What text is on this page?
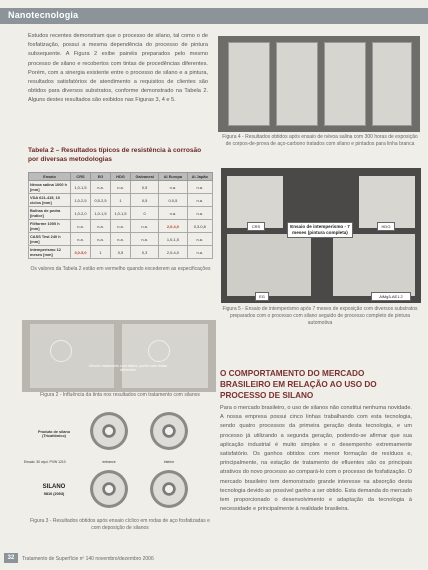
Nanotecnologia

Estudos recentes demonstram que o processo de silano, tal como o de fosfatização, possui a mesma dependência do processo de pintura subsequente. A Figura 2 exibe painéis preparados pelo mesmo processo de silano e recobertos com tintas de procedências diferentes. Porém, com a sinergia existente entre o processo de silano e a pintura, resultados satisfatórios de atendimento a requisitos de clientes são obtidos para diversos substratos, conforme demonstrado na Tabela 2. Alguns destes resultados são exibidos nas Figuras 3, 4 e 5.

Tabela 2 – Resultados típicos de resistência à corrosão por diversas metodologias
Ensaio	CRS	EG	HDG	Galvaneal	Al Europa	Al Japão
Névoa salina 1000 h [mm]	1,0-1,5	n.a.	n.a.	0,5	n.a.	n.a.
VDA 621-415, 10 ciclos [mm]	1,0-2,5	0,5-2,5	1	0,5	0-0,5	n.a.
Bolhas de pedra [índice]	1,0-2,0	1,0-1,5	1,0-1,5	0	n.a.	n.a.
Filiforme 1000 h [mm]	n.a.	n.a.	n.a.	n.a.	2,0-4,0	0,3-0,8
CASS Test 240 h [mm]	n.a.	n.a.	n.a.	n.a.	1,0-1,5	n.a.
Intemperismo 12 meses [mm]	3,0-5,0	1	0,5	0,3	2,0-4,0	n.a.
Os valores da Tabela 2 estão em vermelho quando excederem as especificações
Mesmo tratamento com silano, porém com tintas diferentes
Figura 2 - Influência da tinta nos resultados com tratamento com silanos
Produto de silano (Tricatiônico)
Ensaio: 30 ciycl. PVW 1210	entrance	interior
SILANO
9810 (2003)
Figura 3 - Resultados obtidos após ensaio cíclico em rodas de aço fosfatizadas e com deposição de silanos
Figura 4 - Resultados obtidos após ensaio de névoa salina com 300 horas de exposição de corpos-de-prova de aço-carbono tratados com silano e pintados para linha branca
CRS	HDG
Ensaio de intemperismo - 7 meses (pintura completa)
EG	AlMg3-AE1.2
Figura 5 - Ensaio de intemperismo após 7 meses de exposição com diversos substratos preparados com o processo com silano seguido de processo completo de pintura automotiva
O COMPORTAMENTO DO MERCADO BRASILEIRO EM RELAÇÃO AO USO DO PROCESSO DE SILANO

Para o mercado brasileiro, o uso de silanos não constitui nenhuma novidade. A nossa empresa possui cinco linhas trabalhando com esta tecnologia, sendo quatro processos da primeira geração desta tecnologia, e um processo já utilizando a segunda geração, podendo-se afirmar que sua aplicação industrial é muito simples e o desempenho extremamente satisfatório. Os ganhos obtidos com menor formação de resíduos e, principalmente, na estação de tratamento de efluentes são os principais atrativos do novo processo ao compará-lo com o processo de fosfatização. O mercado brasileiro tem demonstrado grande interesse na absorção desta tecnologia devido ao possível ganho a ser obtido. Esta demanda do mercado tem proporcionado o desenvolvimento e adaptação da tecnologia à necessidade e principalmente à realidade brasileira.

32	Tratamento de Superfície nº 140 novembro/dezembro 2006
